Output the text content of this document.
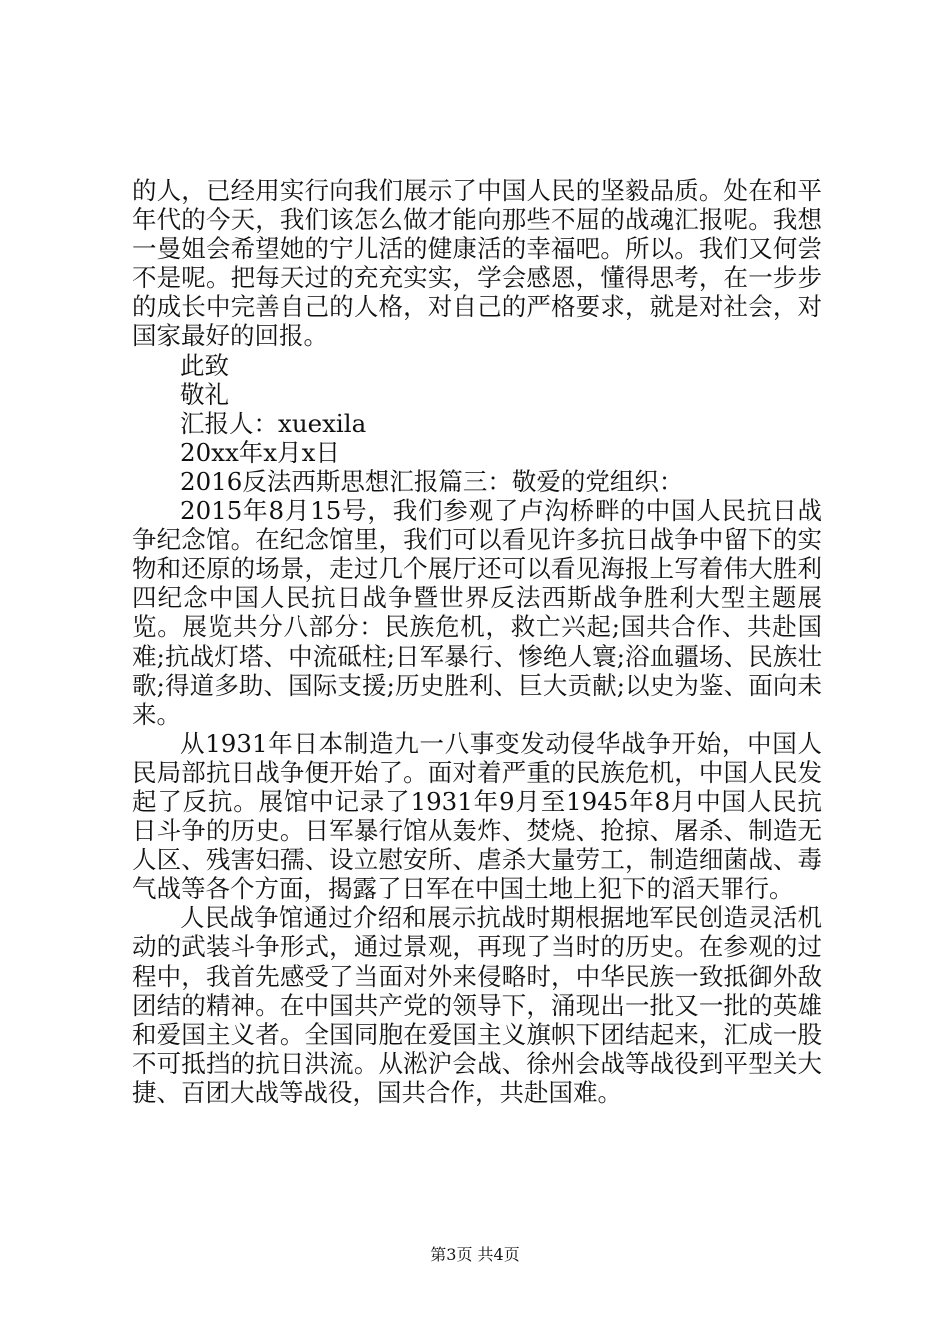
的人，已经用实行向我们展示了中国人民的坚毅品质。处在和平年代的今天，我们该怎么做才能向那些不屈的战魂汇报呢。我想一曼姐会希望她的宁儿活的健康活的幸福吧。所以。我们又何尝不是呢。把每天过的充充实实，学会感恩，懂得思考，在一步步的成长中完善自己的人格，对自己的严格要求，就是对社会，对国家最好的回报。

此致

敬礼

汇报人：xuexila

20xx年x月x日

2016反法西斯思想汇报篇三：敬爱的党组织：

2015年8月15号，我们参观了卢沟桥畔的中国人民抗日战争纪念馆。在纪念馆里，我们可以看见许多抗日战争中留下的实物和还原的场景，走过几个展厅还可以看见海报上写着伟大胜利四纪念中国人民抗日战争暨世界反法西斯战争胜利大型主题展览。展览共分八部分：民族危机，救亡兴起;国共合作、共赴国难;抗战灯塔、中流砥柱;日军暴行、惨绝人寰;浴血疆场、民族壮歌;得道多助、国际支援;历史胜利、巨大贡献;以史为鉴、面向未来。

从1931年日本制造九一八事变发动侵华战争开始，中国人民局部抗日战争便开始了。面对着严重的民族危机，中国人民发起了反抗。展馆中记录了1931年9月至1945年8月中国人民抗日斗争的历史。日军暴行馆从轰炸、焚烧、抢掠、屠杀、制造无人区、残害妇孺、设立慰安所、虐杀大量劳工，制造细菌战、毒气战等各个方面，揭露了日军在中国土地上犯下的滔天罪行。

人民战争馆通过介绍和展示抗战时期根据地军民创造灵活机动的武装斗争形式，通过景观，再现了当时的历史。在参观的过程中，我首先感受了当面对外来侵略时，中华民族一致抵御外敌团结的精神。在中国共产党的领导下，涌现出一批又一批的英雄和爱国主义者。全国同胞在爱国主义旗帜下团结起来，汇成一股不可抵挡的抗日洪流。从淞沪会战、徐州会战等战役到平型关大捷、百团大战等战役，国共合作，共赴国难。

第3页 共4页
